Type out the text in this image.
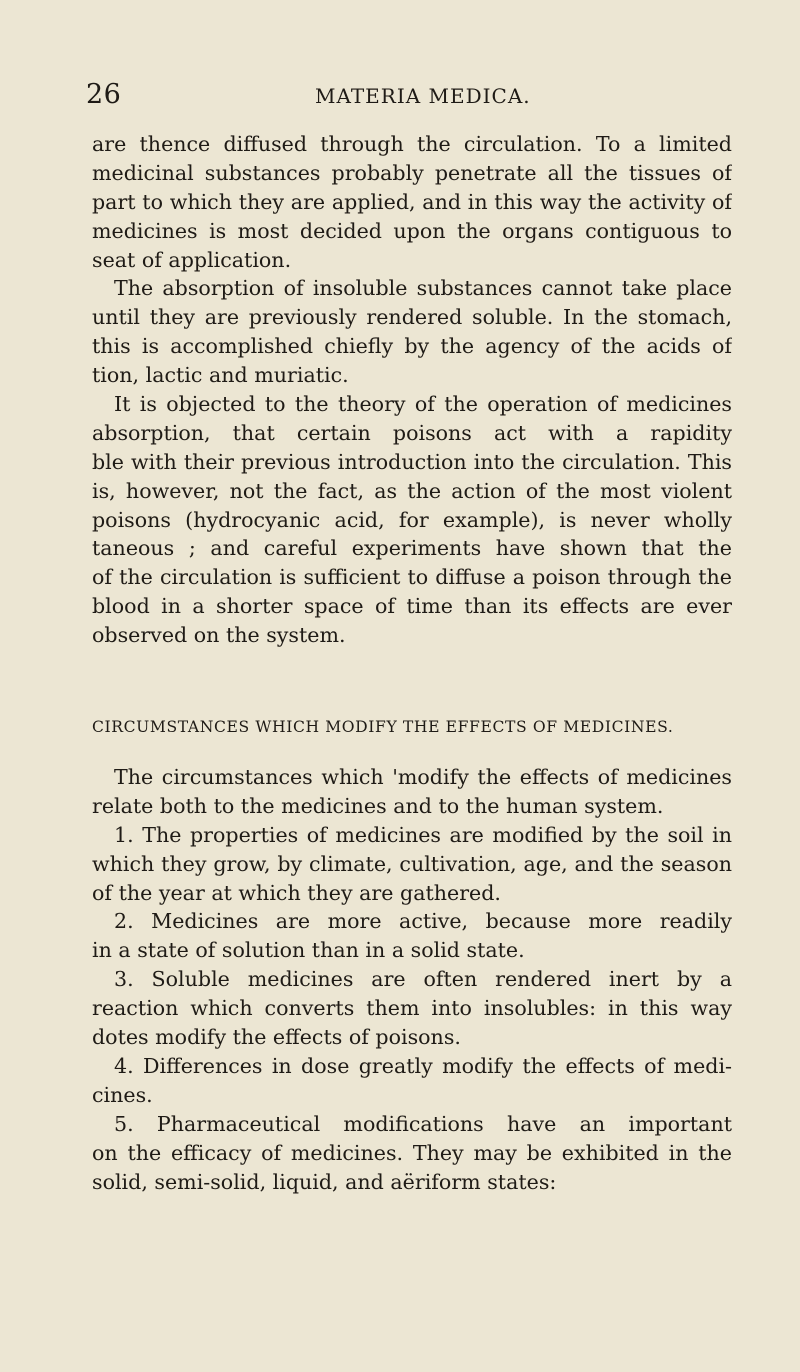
26	MATERIA MEDICA.
are thence diffused through the circulation. To a limited
medicinal substances probably penetrate all the tissues of
part to which they are applied, and in this way the activity of
medicines is most decided upon the organs contiguous to
seat of application.
The absorption of insoluble substances cannot take place
until they are previously rendered soluble. In the stomach,
this is accomplished chiefly by the agency of the acids of
tion, lactic and muriatic.
It is objected to the theory of the operation of medicines
absorption, that certain poisons act with a rapidity
ble with their previous introduction into the circulation. This
is, however, not the fact, as the action of the most violent
poisons (hydrocyanic acid, for example), is never wholly
taneous ; and careful experiments have shown that the
of the circulation is sufficient to diffuse a poison through the
blood in a shorter space of time than its effects are ever
observed on the system.
CIRCUMSTANCES WHICH MODIFY THE EFFECTS OF MEDICINES.
The circumstances which 'modify the effects of medicines
relate both to the medicines and to the human system.
1. The properties of medicines are modified by the soil in
which they grow, by climate, cultivation, age, and the season
of the year at which they are gathered.
2. Medicines are more active, because more readily
in a state of solution than in a solid state.
3. Soluble medicines are often rendered inert by a
reaction which converts them into insolubles: in this way
dotes modify the effects of poisons.
4. Differences in dose greatly modify the effects of medi-
cines.
5. Pharmaceutical modifications have an important
on the efficacy of medicines. They may be exhibited in the
solid, semi-solid, liquid, and aëriform states:
